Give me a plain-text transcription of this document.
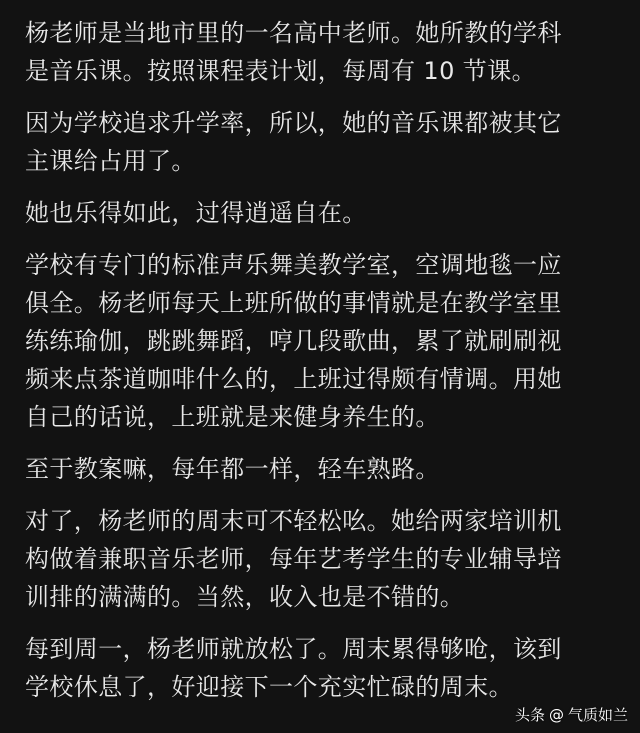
杨老师是当地市里的一名高中老师。她所教的学科
是音乐课。按照课程表计划，每周有 10 节课。

因为学校追求升学率，所以，她的音乐课都被其它
主课给占用了。

她也乐得如此，过得逍遥自在。

学校有专门的标准声乐舞美教学室，空调地毯一应
俱全。杨老师每天上班所做的事情就是在教学室里
练练瑜伽，跳跳舞蹈，哼几段歌曲，累了就刷刷视
频来点茶道咖啡什么的，上班过得颇有情调。用她
自己的话说，上班就是来健身养生的。

至于教案嘛，每年都一样，轻车熟路。

对了，杨老师的周末可不轻松吆。她给两家培训机
构做着兼职音乐老师，每年艺考学生的专业辅导培
训排的满满的。当然，收入也是不错的。

每到周一，杨老师就放松了。周末累得够呛，该到
学校休息了，好迎接下一个充实忙碌的周末。

头条 @ 气质如兰
